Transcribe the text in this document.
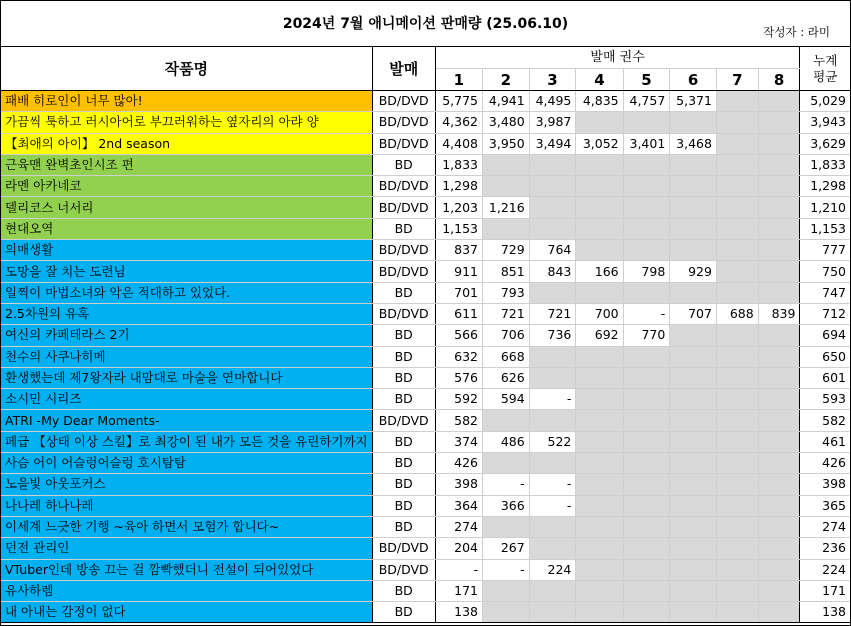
2024년 7월 애니메이션 판매량 (25.06.10)	작성자 : 라미
작품명	발매	발매 권수								누계
평균

		1	2	3	4	5	6	7	8	
패배 히로인이 너무 많아!	BD/DVD	5,775	4,941	4,495	4,835	4,757	5,371			5,029
가끔씩 툭하고 러시아어로 부끄러워하는 옆자리의 아랴 양	BD/DVD	4,362	3,480	3,987						3,943
【최애의 아이】 2nd season	BD/DVD	4,408	3,950	3,494	3,052	3,401	3,468			3,629
근육맨 완벽초인시조 편	BD	1,833								1,833
라멘 아카네코	BD/DVD	1,298								1,298
델리코스 너서리	BD/DVD	1,203	1,216							1,210
현대오역	BD	1,153								1,153
의매생활	BD/DVD	837	729	764						777
도망을 잘 치는 도련님	BD/DVD	911	851	843	166	798	929			750
일찍이 마법소녀와 악은 적대하고 있었다.	BD	701	793							747
2.5차원의 유혹	BD/DVD	611	721	721	700	-	707	688	839	712
여신의 카페테라스 2기	BD	566	706	736	692	770				694
천수의 사쿠나히메	BD	632	668							650
환생했는데 제7왕자라 내맘대로 마술을 연마합니다	BD	576	626							601
소시민 시리즈	BD	592	594	-						593
ATRI -My Dear Moments-	BD/DVD	582								582
페급 【상태 이상 스킬】로 최강이 된 내가 모든 것을 유린하기까지	BD	374	486	522						461
사슴 어이 어슬렁어슬렁 호시탐탐	BD	426								426
노을빛 아웃포커스	BD	398	-	-						398
나나레 하나나레	BD	364	366	-						365
이세계 느긋한 기행 ~육아 하면서 모험가 합니다~	BD	274								274
던전 관리인	BD/DVD	204	267							236
VTuber인데 방송 끄는 걸 깜빡했더니 전설이 되어있었다	BD/DVD	-	-	224						224
유사하렘	BD	171								171
내 아내는 감정이 없다	BD	138								138
